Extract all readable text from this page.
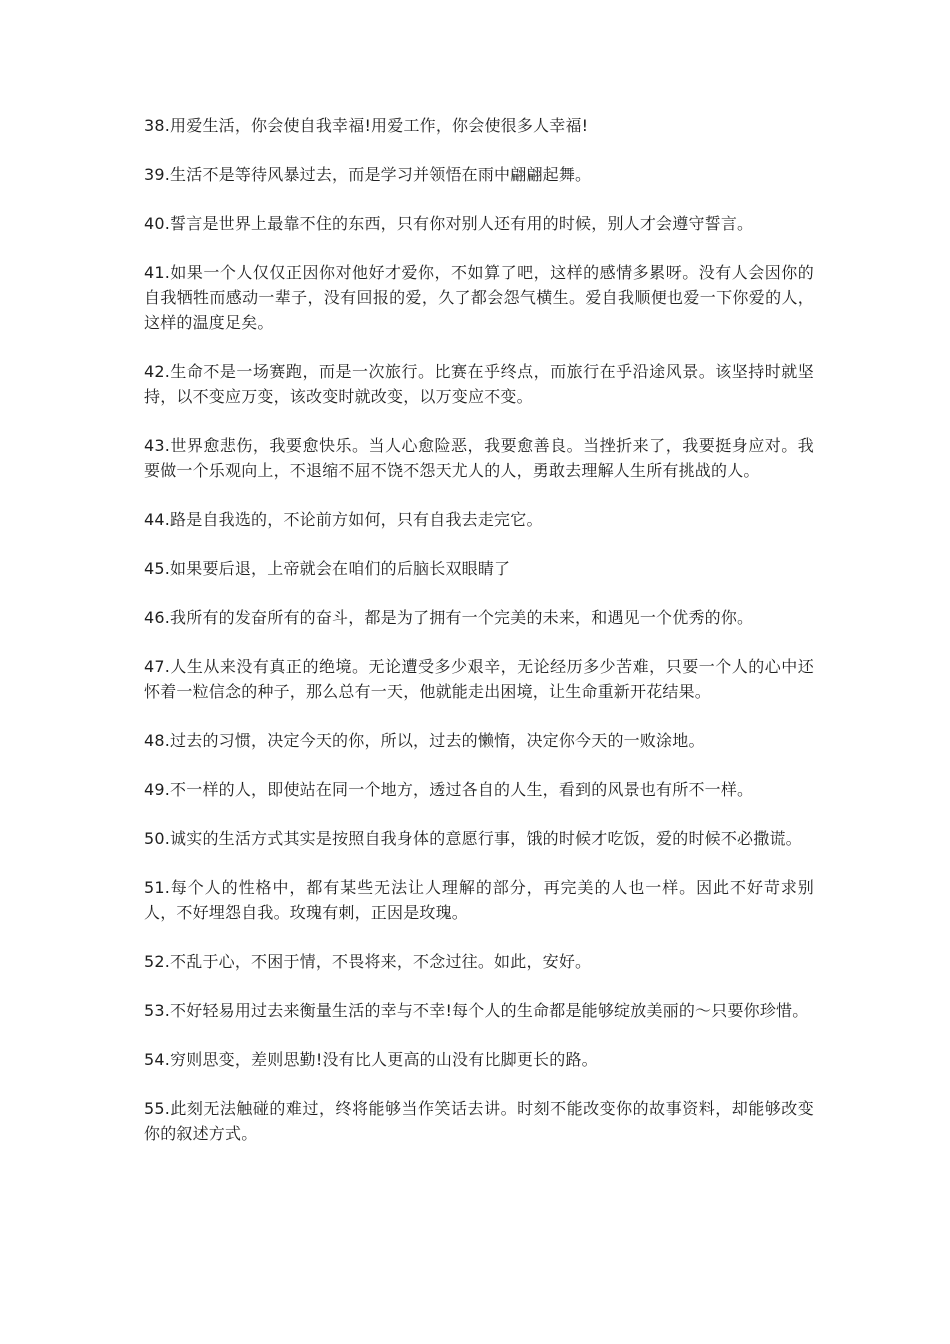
38.用爱生活，你会使自我幸福!用爱工作，你会使很多人幸福!

39.生活不是等待风暴过去，而是学习并领悟在雨中翩翩起舞。

40.誓言是世界上最靠不住的东西，只有你对别人还有用的时候，别人才会遵守誓言。

41.如果一个人仅仅正因你对他好才爱你，不如算了吧，这样的感情多累呀。没有人会因你的自我牺牲而感动一辈子，没有回报的爱，久了都会怨气横生。爱自我顺便也爱一下你爱的人，这样的温度足矣。

42.生命不是一场赛跑，而是一次旅行。比赛在乎终点，而旅行在乎沿途风景。该坚持时就坚持，以不变应万变，该改变时就改变，以万变应不变。

43.世界愈悲伤，我要愈快乐。当人心愈险恶，我要愈善良。当挫折来了，我要挺身应对。我要做一个乐观向上，不退缩不屈不饶不怨天尤人的人，勇敢去理解人生所有挑战的人。

44.路是自我选的，不论前方如何，只有自我去走完它。

45.如果要后退，上帝就会在咱们的后脑长双眼睛了

46.我所有的发奋所有的奋斗，都是为了拥有一个完美的未来，和遇见一个优秀的你。

47.人生从来没有真正的绝境。无论遭受多少艰辛，无论经历多少苦难，只要一个人的心中还怀着一粒信念的种子，那么总有一天，他就能走出困境，让生命重新开花结果。

48.过去的习惯，决定今天的你，所以，过去的懒惰，决定你今天的一败涂地。

49.不一样的人，即使站在同一个地方，透过各自的人生，看到的风景也有所不一样。

50.诚实的生活方式其实是按照自我身体的意愿行事，饿的时候才吃饭，爱的时候不必撒谎。

51.每个人的性格中，都有某些无法让人理解的部分，再完美的人也一样。因此不好苛求别人，不好埋怨自我。玫瑰有刺，正因是玫瑰。

52.不乱于心，不困于情，不畏将来，不念过往。如此，安好。

53.不好轻易用过去来衡量生活的幸与不幸!每个人的生命都是能够绽放美丽的～只要你珍惜。

54.穷则思变，差则思勤!没有比人更高的山没有比脚更长的路。

55.此刻无法触碰的难过，终将能够当作笑话去讲。时刻不能改变你的故事资料，却能够改变你的叙述方式。
